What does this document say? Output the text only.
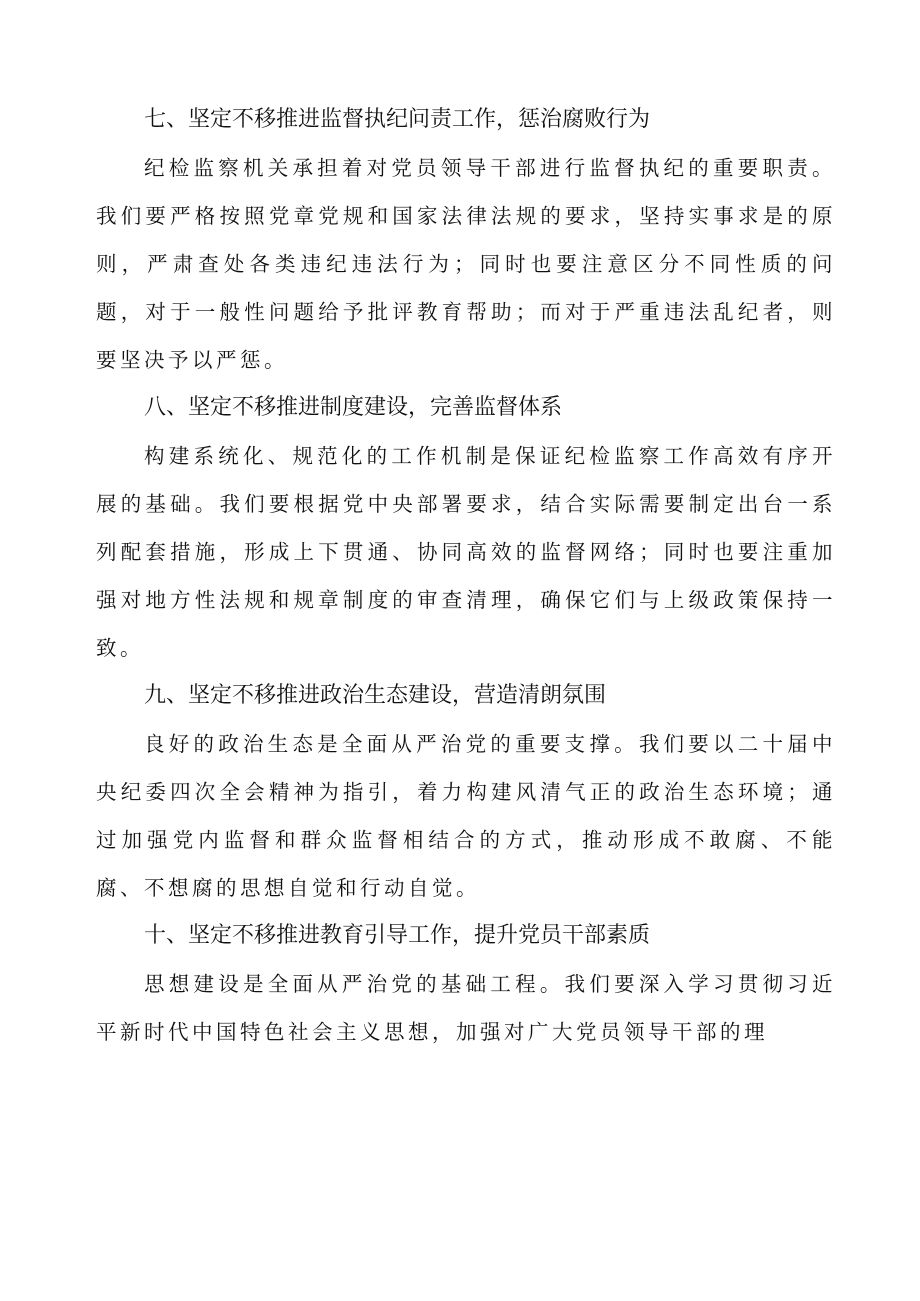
七、坚定不移推进监督执纪问责工作，惩治腐败行为

纪检监察机关承担着对党员领导干部进行监督执纪的重要职责。我们要严格按照党章党规和国家法律法规的要求，坚持实事求是的原则，严肃查处各类违纪违法行为；同时也要注意区分不同性质的问题，对于一般性问题给予批评教育帮助；而对于严重违法乱纪者，则要坚决予以严惩。

八、坚定不移推进制度建设，完善监督体系

构建系统化、规范化的工作机制是保证纪检监察工作高效有序开展的基础。我们要根据党中央部署要求，结合实际需要制定出台一系列配套措施，形成上下贯通、协同高效的监督网络；同时也要注重加强对地方性法规和规章制度的审查清理，确保它们与上级政策保持一致。

九、坚定不移推进政治生态建设，营造清朗氛围

良好的政治生态是全面从严治党的重要支撑。我们要以二十届中央纪委四次全会精神为指引，着力构建风清气正的政治生态环境；通过加强党内监督和群众监督相结合的方式，推动形成不敢腐、不能腐、不想腐的思想自觉和行动自觉。

十、坚定不移推进教育引导工作，提升党员干部素质

思想建设是全面从严治党的基础工程。我们要深入学习贯彻习近平新时代中国特色社会主义思想，加强对广大党员领导干部的理
